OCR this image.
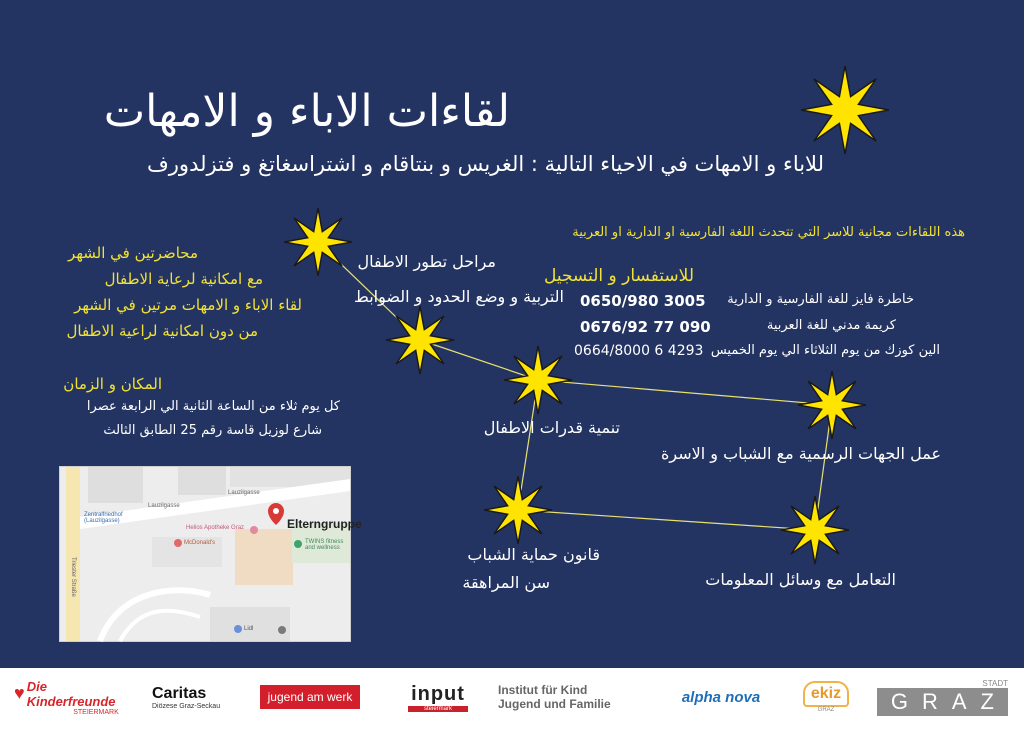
لقاءات الاباء و الامهات
للاباء و الامهات في الاحياء التالية : الغريس و بنتاقام و اشتراسغاتغ و فتزلدورف
هذه اللقاءات مجانية للاسر التي تتحدث اللغة الفارسية او الدارية او العربية
محاضرتين في الشهر
مع امكانية لرعاية الاطفال
لقاء الاباء و الامهات مرتين في الشهر
من دون امكانية لراعية الاطفال
المكان و الزمان
كل يوم ثلاء من الساعة الثانية الي الرابعة عصرا
شارع لوزيل قاسة رقم 25 الطابق الثالث
للاستفسار و التسجيل
خاطرة فايز للغة الفارسية و الدارية
0650/980 3005
كريمة مدني للغة العربية
0676/92 77 090
الين كوزك من يوم الثلاثاء الي يوم الخميس
0664/8000 6 4293
مراحل تطور الاطفال
التربية و وضع الحدود و الضوابط
تنمية قدرات الاطفال
عمل الجهات الرسمية مع الشباب و الاسرة
قانون حماية الشباب
سن المراهقة	التعامل مع وسائل المعلومات
Elterngruppe
Lauzilgasse
Lauzilgasse
Triester Straße
Zentralfriedhof (Lauzilgasse)
Helios Apotheke Graz
McDonald's	TWINS fitness and wellness
Lidl
♥ Die Kinderfreunde
STEIERMARK
Caritas
Diözese Graz-Seckau
jugend am werk	input
steiermark
Institut für Kind
Jugend und Familie	alpha nova	ekiz
GRAZ
STADT
GRAZ
